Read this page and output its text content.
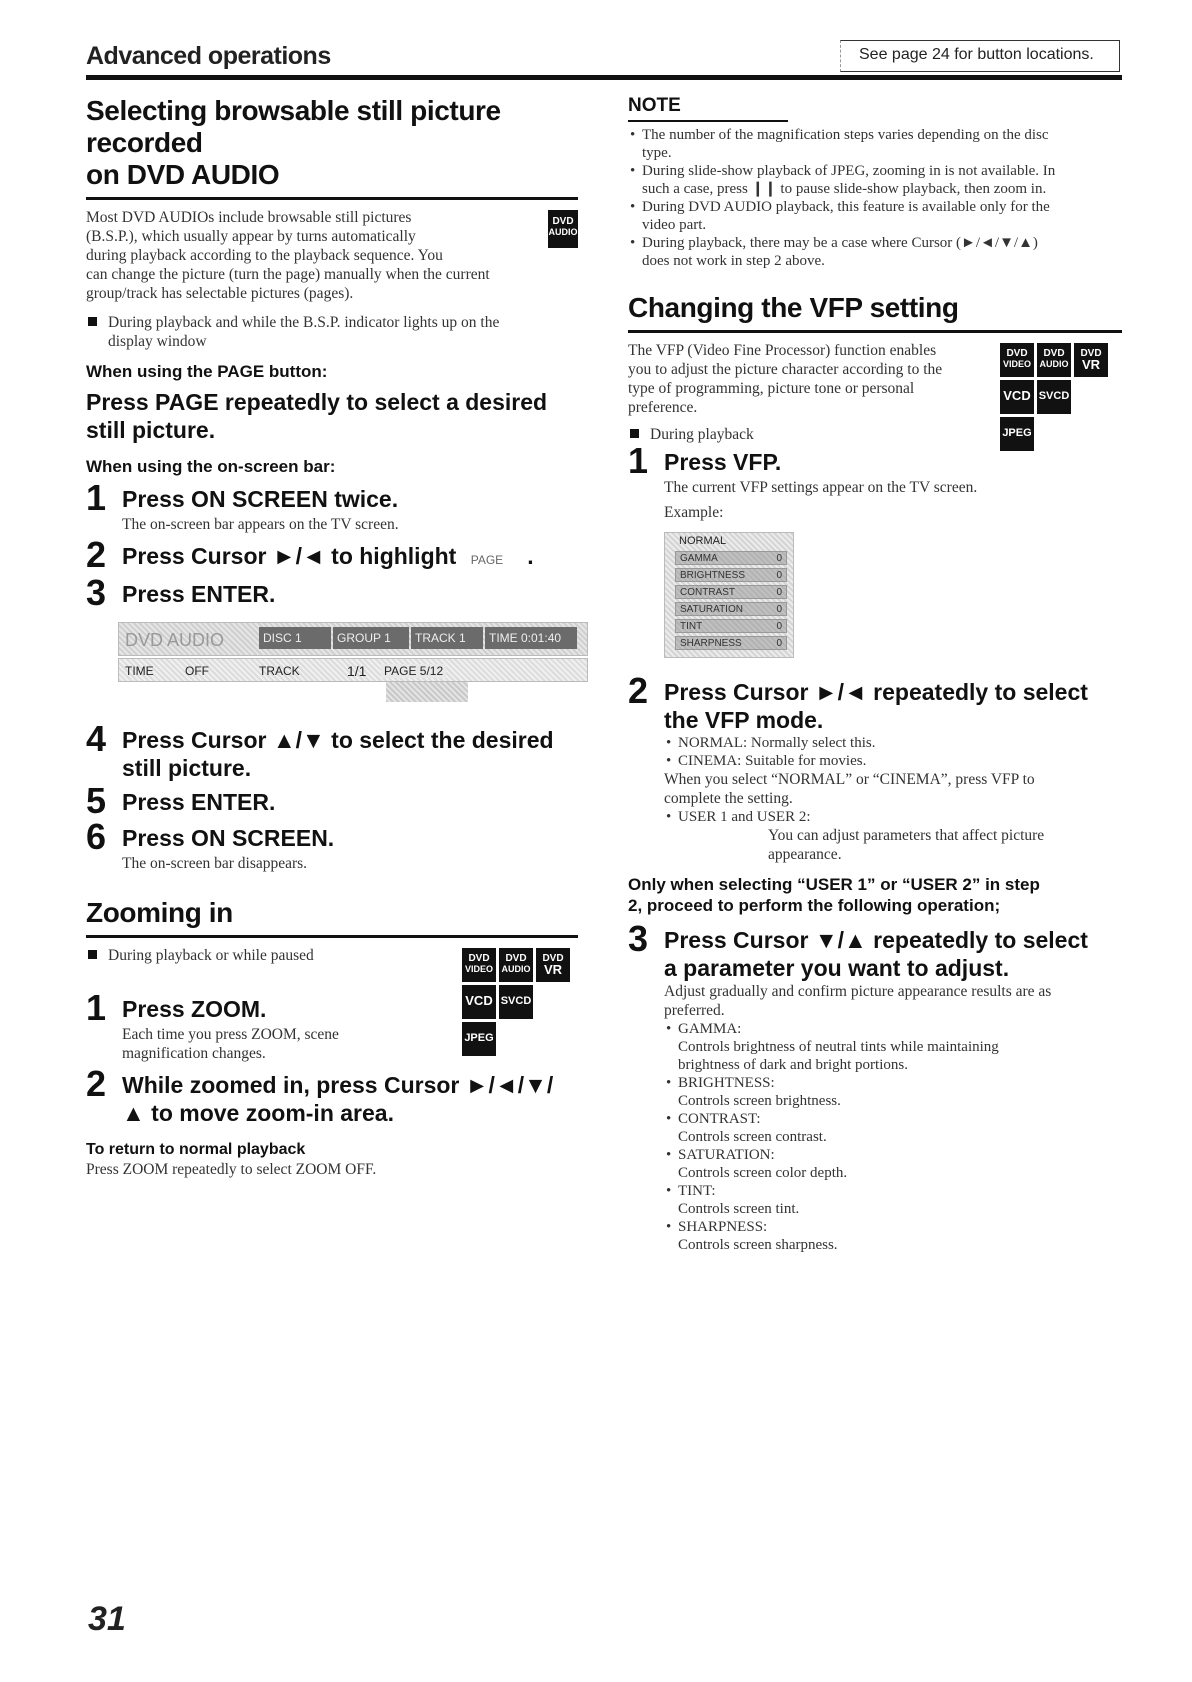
Advanced operations	See page 24 for button locations.
Selecting browsable still picture recorded
on DVD AUDIO
DVD
AUDIO
Most DVD AUDIOs include browsable still pictures
(B.S.P.), which usually appear by turns automatically
during playback according to the playback sequence. You
can change the picture (turn the page) manually when the current
group/track has selectable pictures (pages).
During playback and while the B.S.P. indicator lights up on the
display window
When using the PAGE button:
Press PAGE repeatedly to select a desired
still picture.
When using the on-screen bar:
1 Press ON SCREEN twice.
The on-screen bar appears on the TV screen.
2 Press Cursor ►/◄ to highlight PAGE .
3 Press ENTER.
DVD AUDIO	DISC 1	GROUP 1	TRACK 1	TIME 0:01:40
TIME	OFF	TRACK	1/1 PAGE 5/12
4 Press Cursor ▲/▼ to select the desired
still picture.
5 Press ENTER.
6 Press ON SCREEN.
The on-screen bar disappears.
Zooming in
DVD
VIDEO
DVD
AUDIO
DVD
VR
VCD SVCD
JPEG
During playback or while paused
1 Press ZOOM.
Each time you press ZOOM, scene
magnification changes.
2 While zoomed in, press Cursor ►/◄/▼/
▲ to move zoom-in area.
To return to normal playback
Press ZOOM repeatedly to select ZOOM OFF.
NOTE
• The number of the magnification steps varies depending on the disc
type.
• During slide-show playback of JPEG, zooming in is not available. In
such a case, press ❙❙ to pause slide-show playback, then zoom in.
• During DVD AUDIO playback, this feature is available only for the
video part.
• During playback, there may be a case where Cursor (►/◄/▼/▲)
does not work in step 2 above.
Changing the VFP setting
DVD
VIDEO
DVD
AUDIO
DVD
VR
VCD SVCD
JPEG
The VFP (Video Fine Processor) function enables
you to adjust the picture character according to the
type of programming, picture tone or personal
preference.
During playback
1 Press VFP.
The current VFP settings appear on the TV screen.
Example:
NORMAL
GAMMA	0
BRIGHTNESS	0
CONTRAST	0
SATURATION	0
TINT	0
SHARPNESS	0
2 Press Cursor ►/◄ repeatedly to select
the VFP mode.
• NORMAL: Normally select this.
• CINEMA: Suitable for movies.
When you select “NORMAL” or “CINEMA”, press VFP to
complete the setting.
• USER 1 and USER 2:
You can adjust parameters that affect picture
appearance.
Only when selecting “USER 1” or “USER 2” in step
2, proceed to perform the following operation;
3 Press Cursor ▼/▲ repeatedly to select
a parameter you want to adjust.
Adjust gradually and confirm picture appearance results are as
preferred.
• GAMMA:
Controls brightness of neutral tints while maintaining
brightness of dark and bright portions.
• BRIGHTNESS:
Controls screen brightness.
• CONTRAST:
Controls screen contrast.
• SATURATION:
Controls screen color depth.
• TINT:
Controls screen tint.
• SHARPNESS:
Controls screen sharpness.
31
